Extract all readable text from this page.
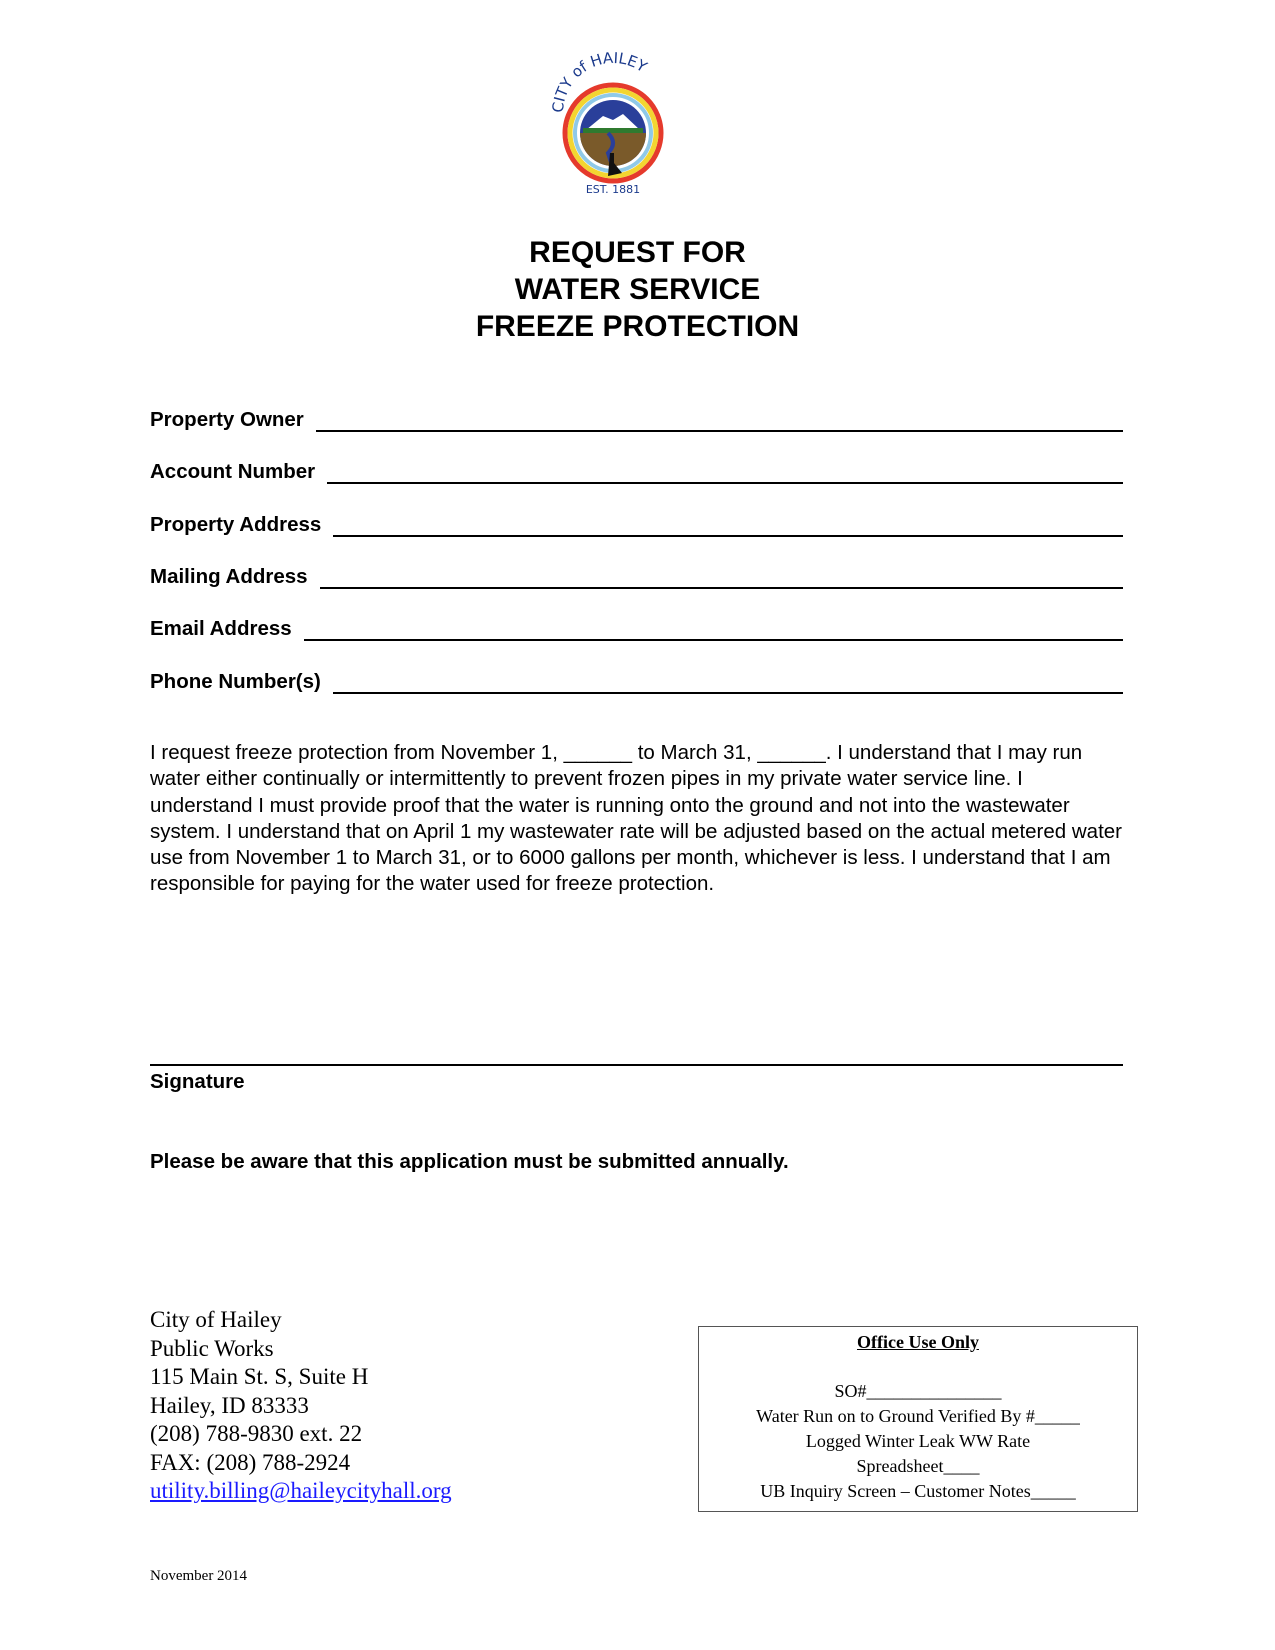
CITY of HAILEY
EST. 1881
REQUEST FOR
WATER SERVICE
FREEZE PROTECTION
Property Owner
Account Number
Property Address
Mailing Address
Email Address
Phone Number(s)
I request freeze protection from November 1, ______ to March 31, ______. I understand that I may run water either continually or intermittently to prevent frozen pipes in my private water service line. I understand I must provide proof that the water is running onto the ground and not into the wastewater system. I understand that on April 1 my wastewater rate will be adjusted based on the actual metered water use from November 1 to March 31, or to 6000 gallons per month, whichever is less. I understand that I am responsible for paying for the water used for freeze protection.
Signature
Please be aware that this application must be submitted annually.
City of Hailey
Public Works
115 Main St. S, Suite H
Hailey, ID 83333
(208) 788-9830 ext. 22
FAX: (208) 788-2924
utility.billing@haileycityhall.org
Office Use Only
SO#_______________
Water Run on to Ground Verified By #_____
Logged Winter Leak WW Rate
Spreadsheet____
UB Inquiry Screen – Customer Notes_____
November 2014
